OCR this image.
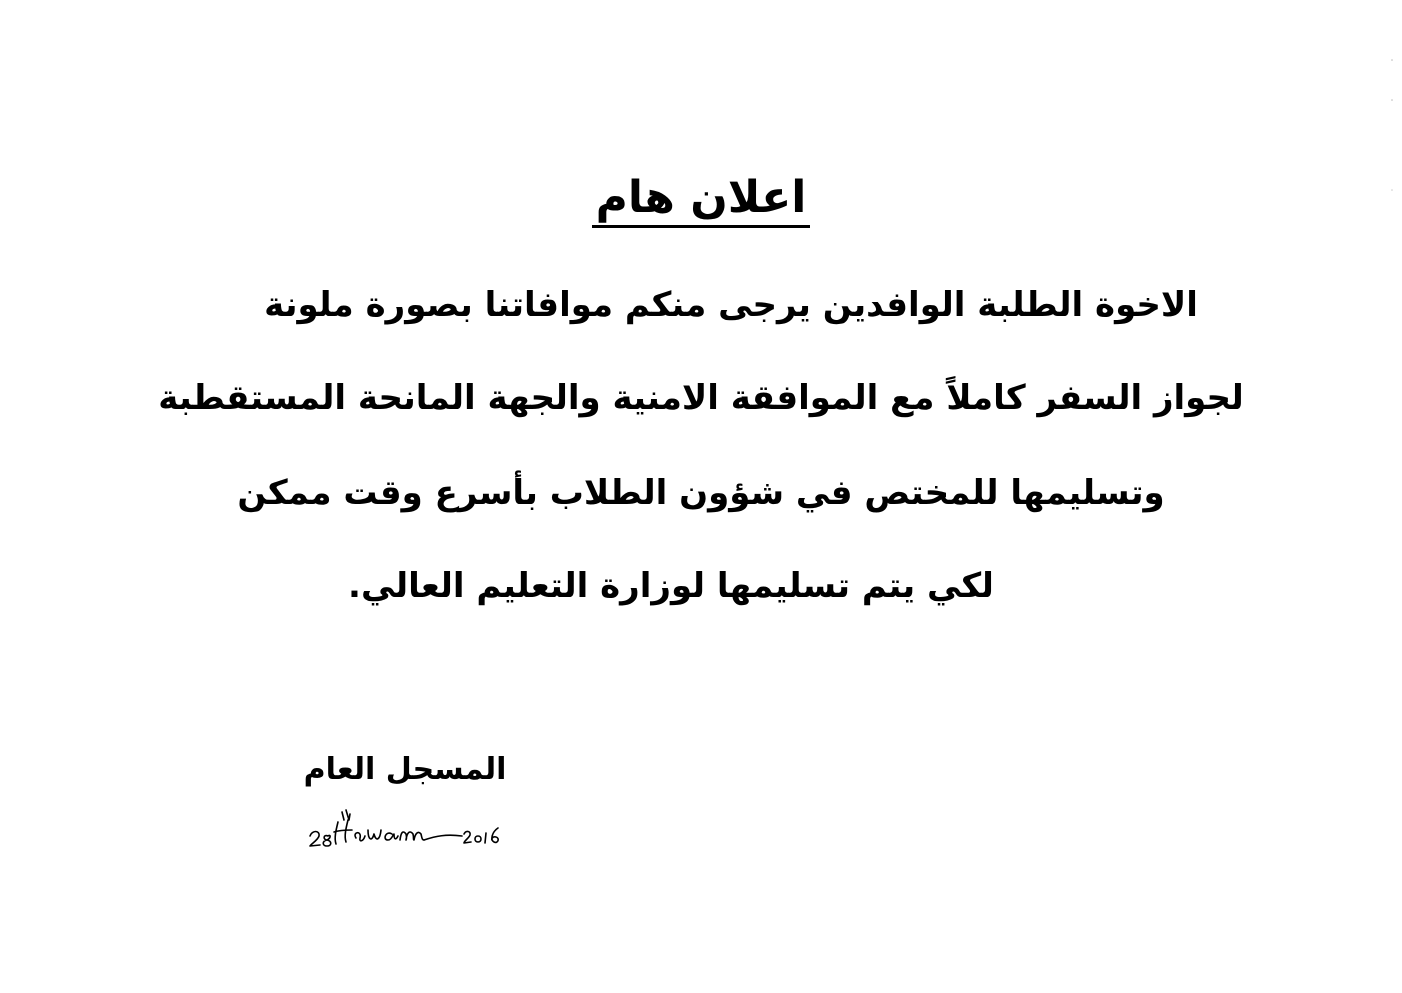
اعلان هام
الاخوة الطلبة الوافدين يرجى منكم موافاتنا بصورة ملونة
لجواز السفر كاملاً مع الموافقة الامنية والجهة المانحة المستقطبة
وتسليمها للمختص في شؤون الطلاب بأسرع وقت ممكن
لكي يتم تسليمها لوزارة التعليم العالي.
المسجل العام
